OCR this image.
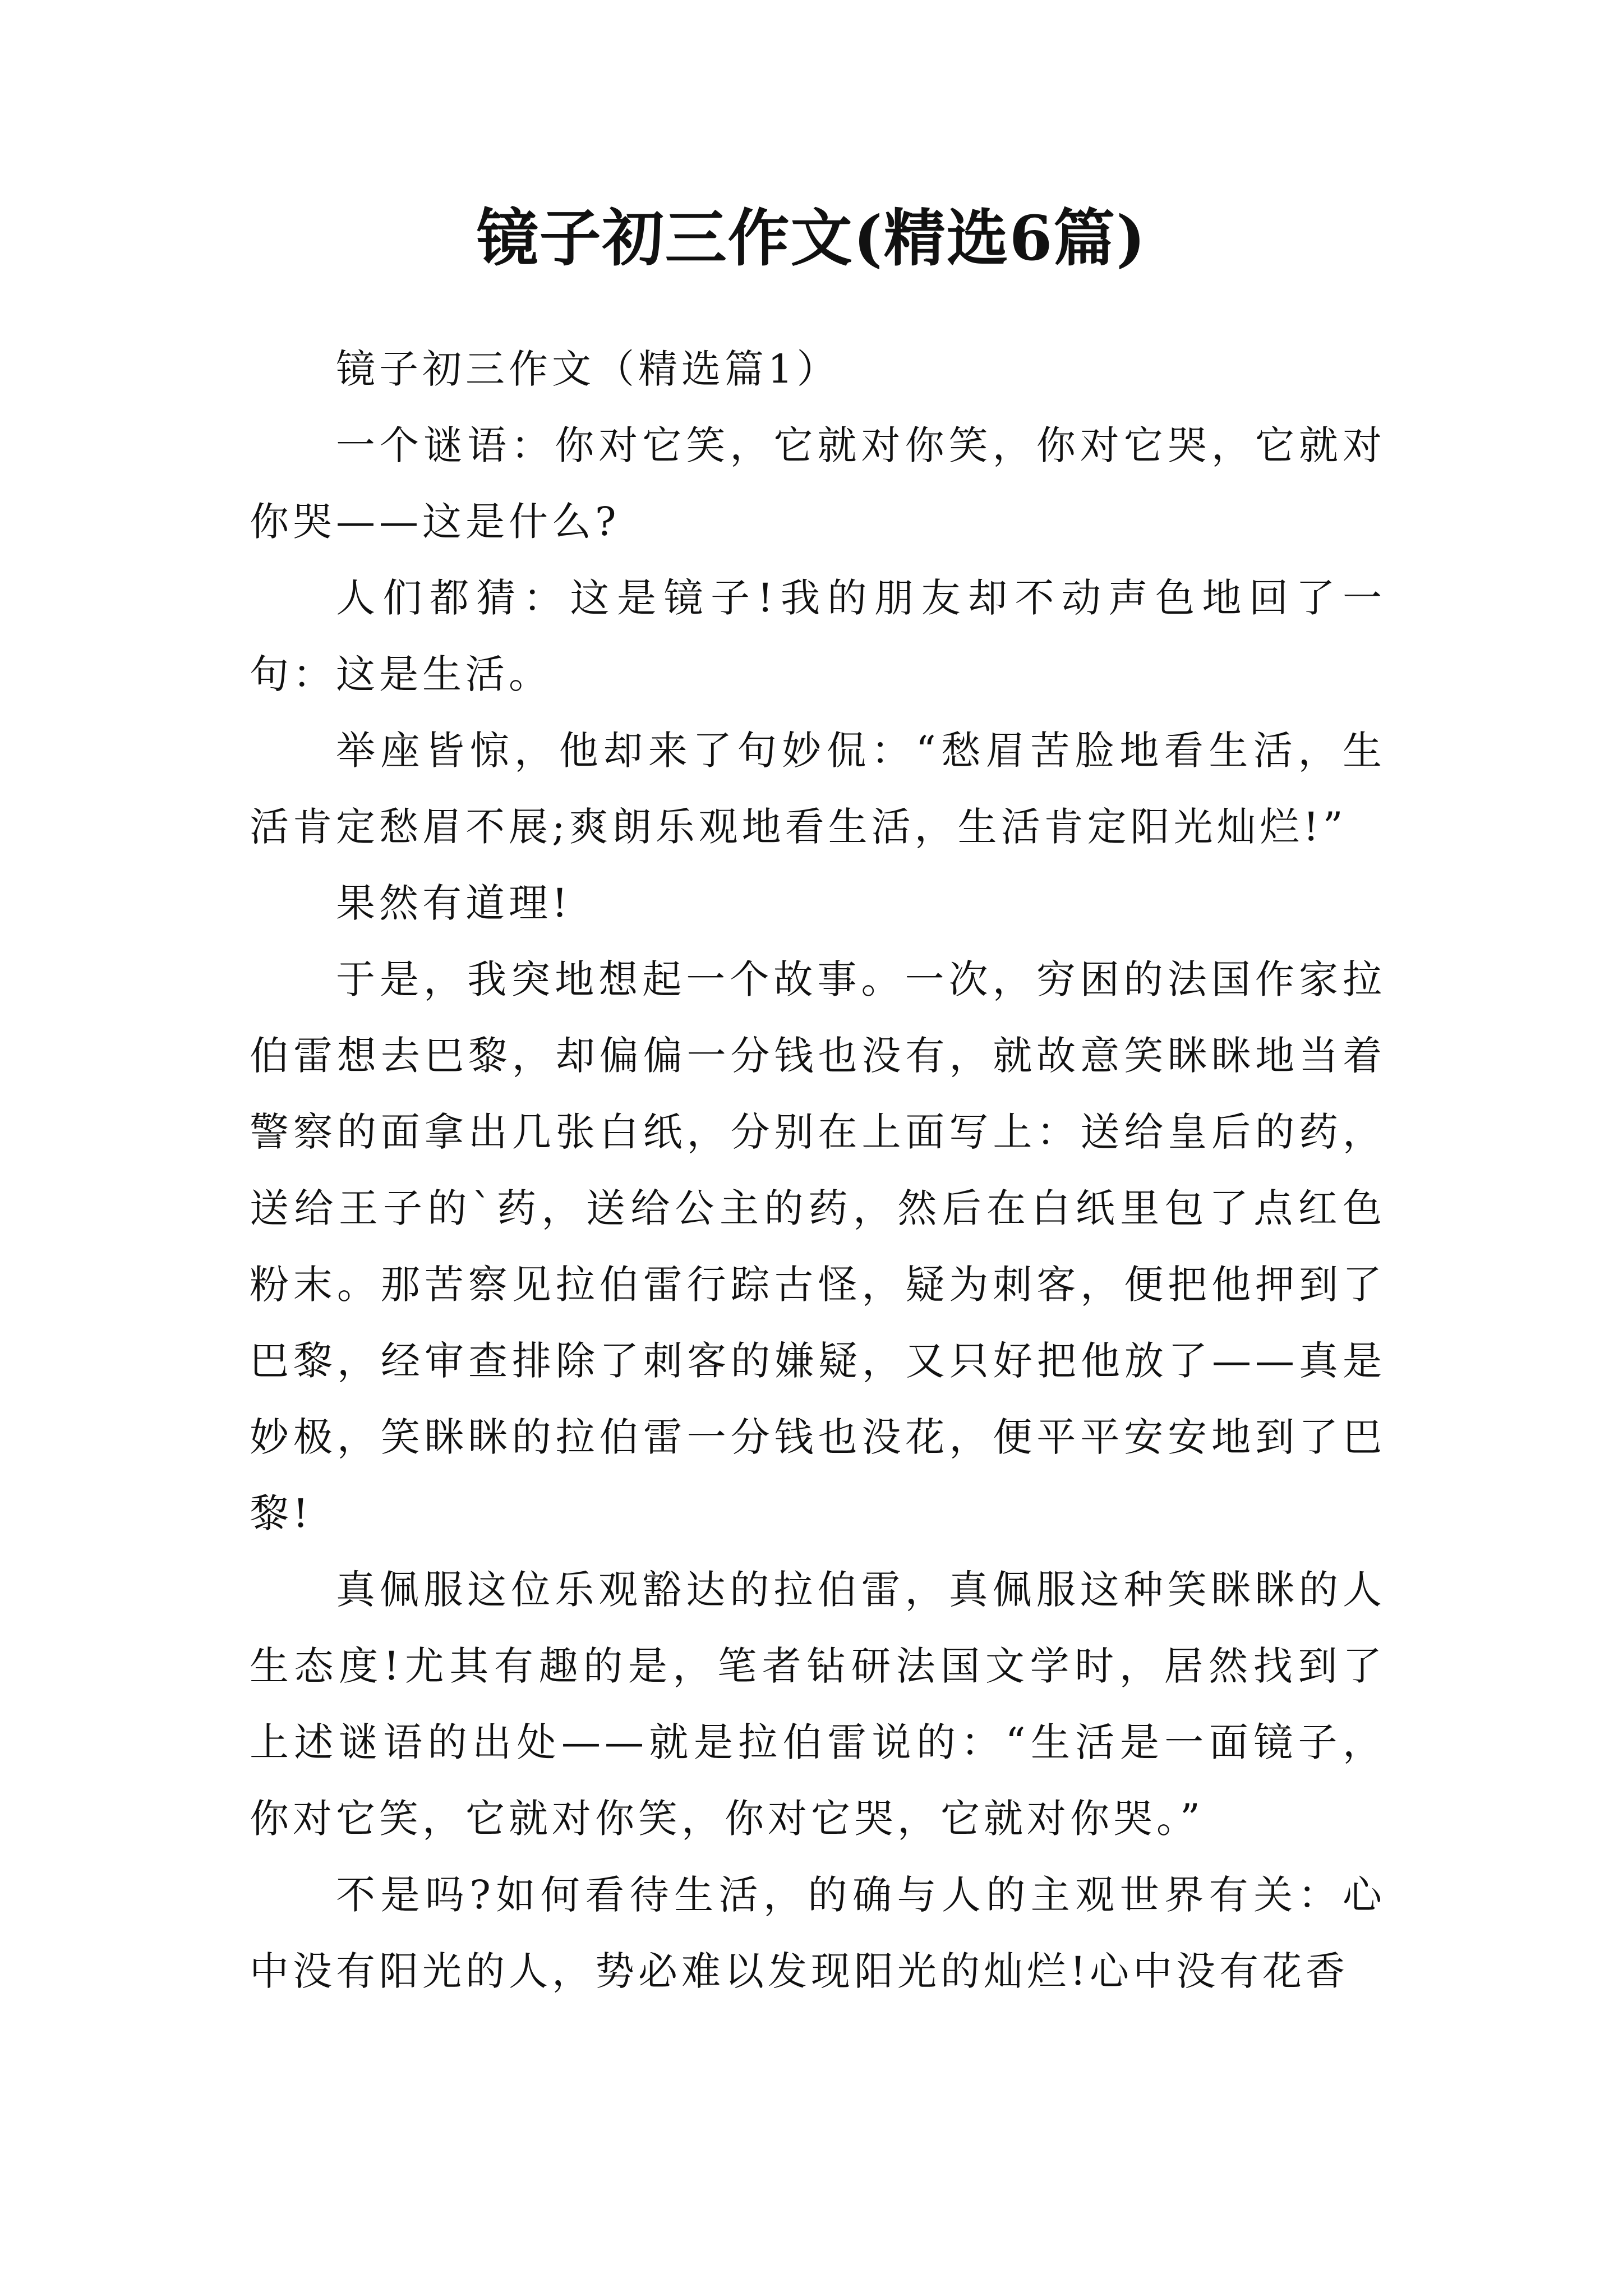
镜子初三作文(精选6篇)

镜子初三作文（精选篇1）

一个谜语：你对它笑，它就对你笑，你对它哭，它就对你哭——这是什么?

人们都猜：这是镜子!我的朋友却不动声色地回了一句：这是生活。

举座皆惊，他却来了句妙侃：“愁眉苦脸地看生活，生活肯定愁眉不展;爽朗乐观地看生活，生活肯定阳光灿烂!”

果然有道理!

于是，我突地想起一个故事。一次，穷困的法国作家拉伯雷想去巴黎，却偏偏一分钱也没有，就故意笑眯眯地当着警察的面拿出几张白纸，分别在上面写上：送给皇后的药，送给王子的`药，送给公主的药，然后在白纸里包了点红色粉末。那苦察见拉伯雷行踪古怪，疑为刺客，便把他押到了巴黎，经审查排除了刺客的嫌疑，又只好把他放了——真是妙极，笑眯眯的拉伯雷一分钱也没花，便平平安安地到了巴黎!

真佩服这位乐观豁达的拉伯雷，真佩服这种笑眯眯的人生态度!尤其有趣的是，笔者钻研法国文学时，居然找到了上述谜语的出处——就是拉伯雷说的：“生活是一面镜子，你对它笑，它就对你笑，你对它哭，它就对你哭。”

不是吗?如何看待生活，的确与人的主观世界有关：心中没有阳光的人，势必难以发现阳光的灿烂!心中没有花香
